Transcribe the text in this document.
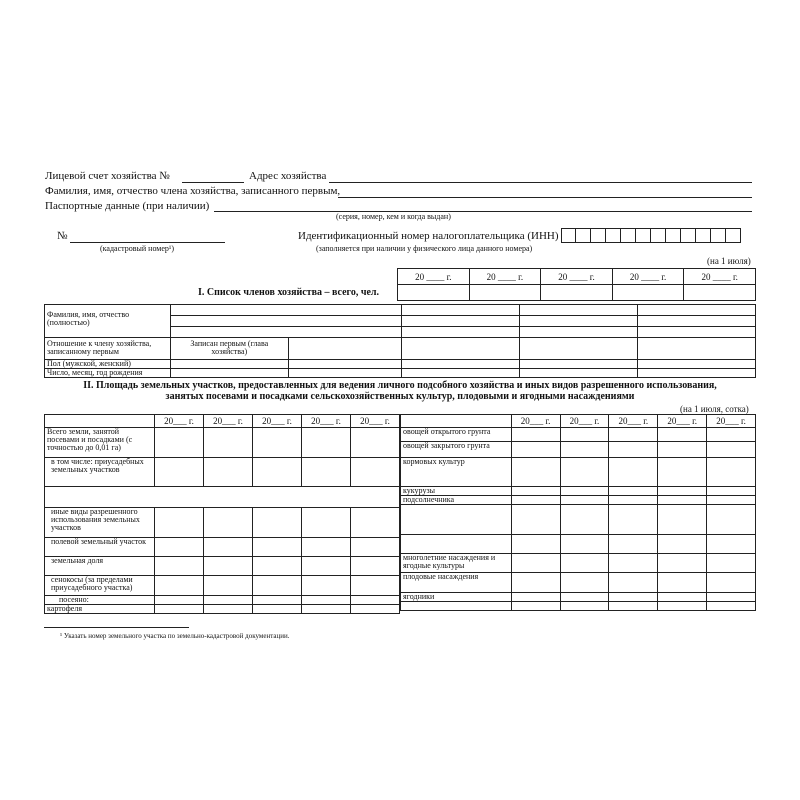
Лицевой счет хозяйства №	Адрес хозяйства
Фамилия, имя, отчество члена хозяйства, записанного первым,
Паспортные данные (при наличии)
(серия, номер, кем и когда выдан)
№
(кадастровый номер¹)
Идентификационный номер налогоплательщика (ИНН)
(заполняется при наличии у физического лица данного номера)
(на 1 июля)
I. Список членов хозяйства – всего, чел.
20 ____ г.	20 ____ г.	20 ____ г.	20 ____ г.	20 ____ г.

Фамилия, имя, отчество (полностью)					

Отношение к члену хозяйства, записанному первым	Записан первым (глава хозяйства)				
Пол (мужской, женский)					
Число, месяц, год рождения					
II. Площадь земельных участков, предоставленных для ведения личного подсобного хозяйства и иных видов разрешенного использования,
занятых посевами и посадками сельскохозяйственных культур, плодовыми и ягодными насаждениями
(на 1 июля, сотка)
	20___ г.	20___ г.	20___ г.	20___ г.	20___ г.
Всего земли, занятой посевами и посадками (с точностью до 0,01 га)					
в том числе: приусадебных земельных участков					

иные виды разрешенного использования земельных участков					
полевой земельный участок					
земельная доля					
сенокосы (за пределами приусадебного участка)					
посеяно:					
картофеля					
	20___ г.	20___ г.	20___ г.	20___ г.	20___ г.
овощей открытого грунта					
овощей закрытого грунта					
кормовых культур					
кукурузы					
подсолнечника					

многолетние насаждения и ягодные культуры					
плодовые насаждения					
ягодники					

¹ Указать номер земельного участка по земельно-кадастровой документации.
